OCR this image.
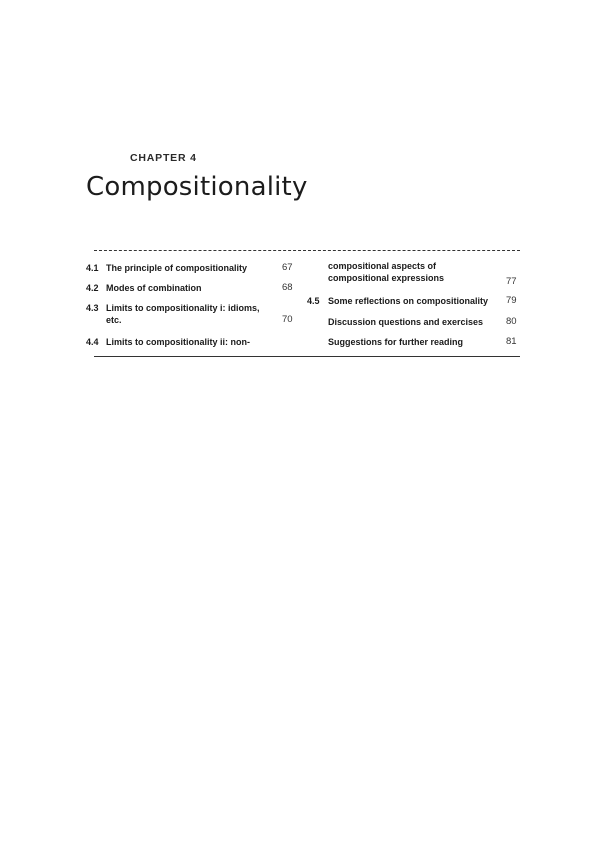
CHAPTER 4
Compositionality
4.1 The principle of compositionality	67
4.2 Modes of combination	68
4.3 Limits to compositionality i: idioms,
etc.	70
4.4 Limits to compositionality ii: non-
compositional aspects of
compositional expressions	77
4.5 Some reflections on compositionality 79
Discussion questions and exercises 80
Suggestions for further reading	81
